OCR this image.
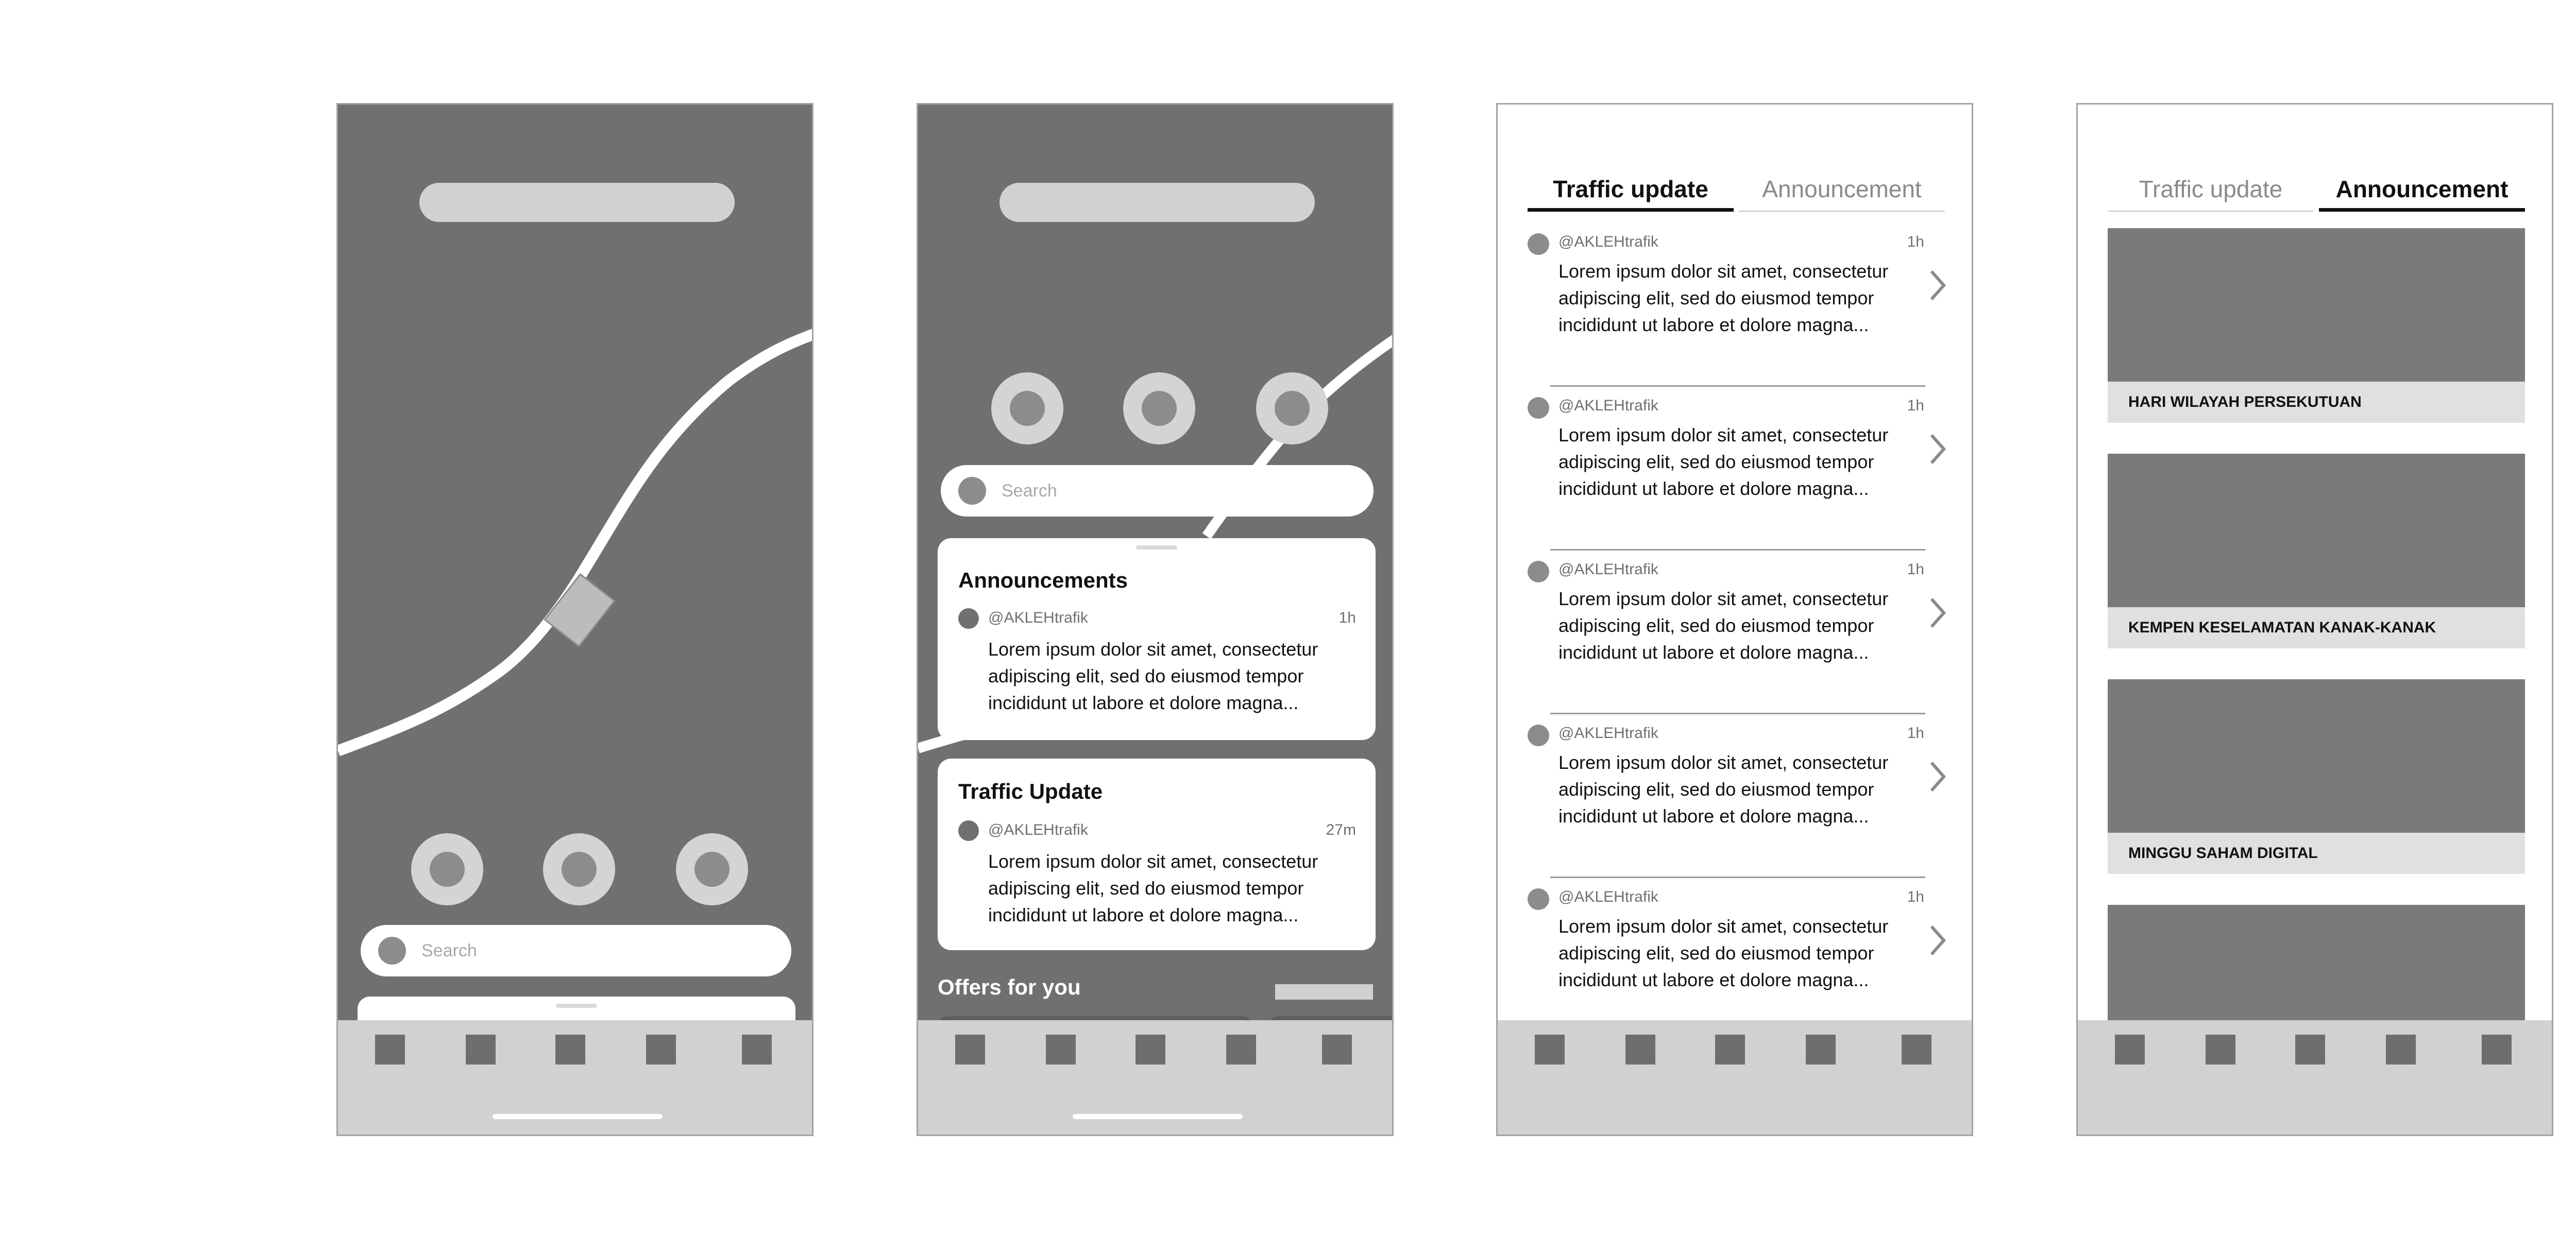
Search
Search
Announcements
@AKLEHtrafik	1h
Lorem ipsum dolor sit amet, consectetur adipiscing elit, sed do eiusmod tempor incididunt ut labore et dolore magna...
Traffic Update
@AKLEHtrafik	27m
Lorem ipsum dolor sit amet, consectetur adipiscing elit, sed do eiusmod tempor incididunt ut labore et dolore magna...
Offers for you
Traffic update	Announcement
@AKLEHtrafik	1h
Lorem ipsum dolor sit amet, consectetur adipiscing elit, sed do eiusmod tempor incididunt ut labore et dolore magna...
@AKLEHtrafik	1h
Lorem ipsum dolor sit amet, consectetur adipiscing elit, sed do eiusmod tempor incididunt ut labore et dolore magna...
@AKLEHtrafik	1h
Lorem ipsum dolor sit amet, consectetur adipiscing elit, sed do eiusmod tempor incididunt ut labore et dolore magna...
@AKLEHtrafik	1h
Lorem ipsum dolor sit amet, consectetur adipiscing elit, sed do eiusmod tempor incididunt ut labore et dolore magna...
@AKLEHtrafik	1h
Lorem ipsum dolor sit amet, consectetur adipiscing elit, sed do eiusmod tempor incididunt ut labore et dolore magna...
Traffic update	Announcement
HARI WILAYAH PERSEKUTUAN
KEMPEN KESELAMATAN KANAK-KANAK
MINGGU SAHAM DIGITAL
